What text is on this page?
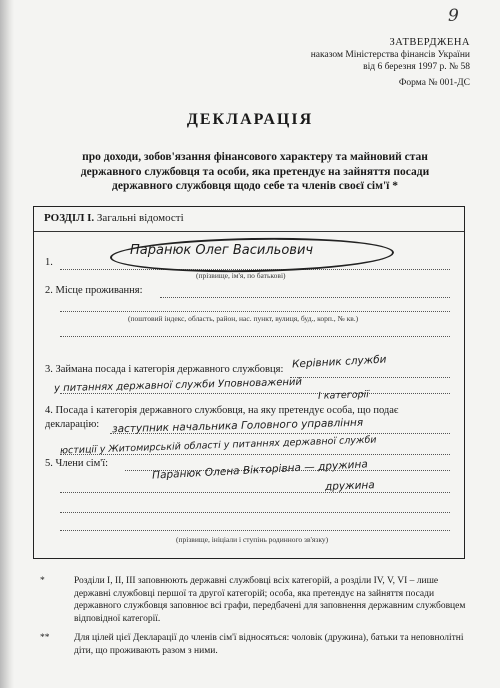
9
ЗАТВЕРДЖЕНА
наказом Міністерства фінансів України
від 6 березня 1997 р. № 58
Форма № 001-ДС
ДЕКЛАРАЦІЯ
про доходи, зобов'язання фінансового характеру та майновий стан
державного службовця та особи, яка претендує на зайняття посади
державного службовця щодо себе та членів своєї сім'ї *
РОЗДІЛ І. Загальні відомості
1.
(прізвище, ім'я, по батькові)
Паранюк Олег Васильович
2. Місце проживання:
(поштовий індекс, область, район, нас. пункт, вулиця, буд., корп., № кв.)
3. Займана посада і категорія державного службовця: Керівник служби
у питаннях державної служби Уповноважений
І категорії
4. Посада і категорія державного службовця, на яку претендує особа, що подає
декларацію: заступник начальника Головного управління
юстиції у Житомирській області у питаннях державної служби
5. Члени сім'ї:	Паранюк Олена Вікторівна — дружина
дружина
(прізвище, ініціали і ступінь родинного зв'язку)
*	Розділи І, ІІ, ІІІ заповнюють державні службовці всіх категорій, а розділи IV, V, VI – лише державні службовці першої та другої категорій; особа, яка претендує на зайняття посади державного службовця заповнює всі графи, передбачені для заповнення державним службовцем відповідної категорії.
**	Для цілей цієї Декларації до членів сім'ї відносяться: чоловік (дружина), батьки та неповнолітні діти, що проживають разом з ними.
